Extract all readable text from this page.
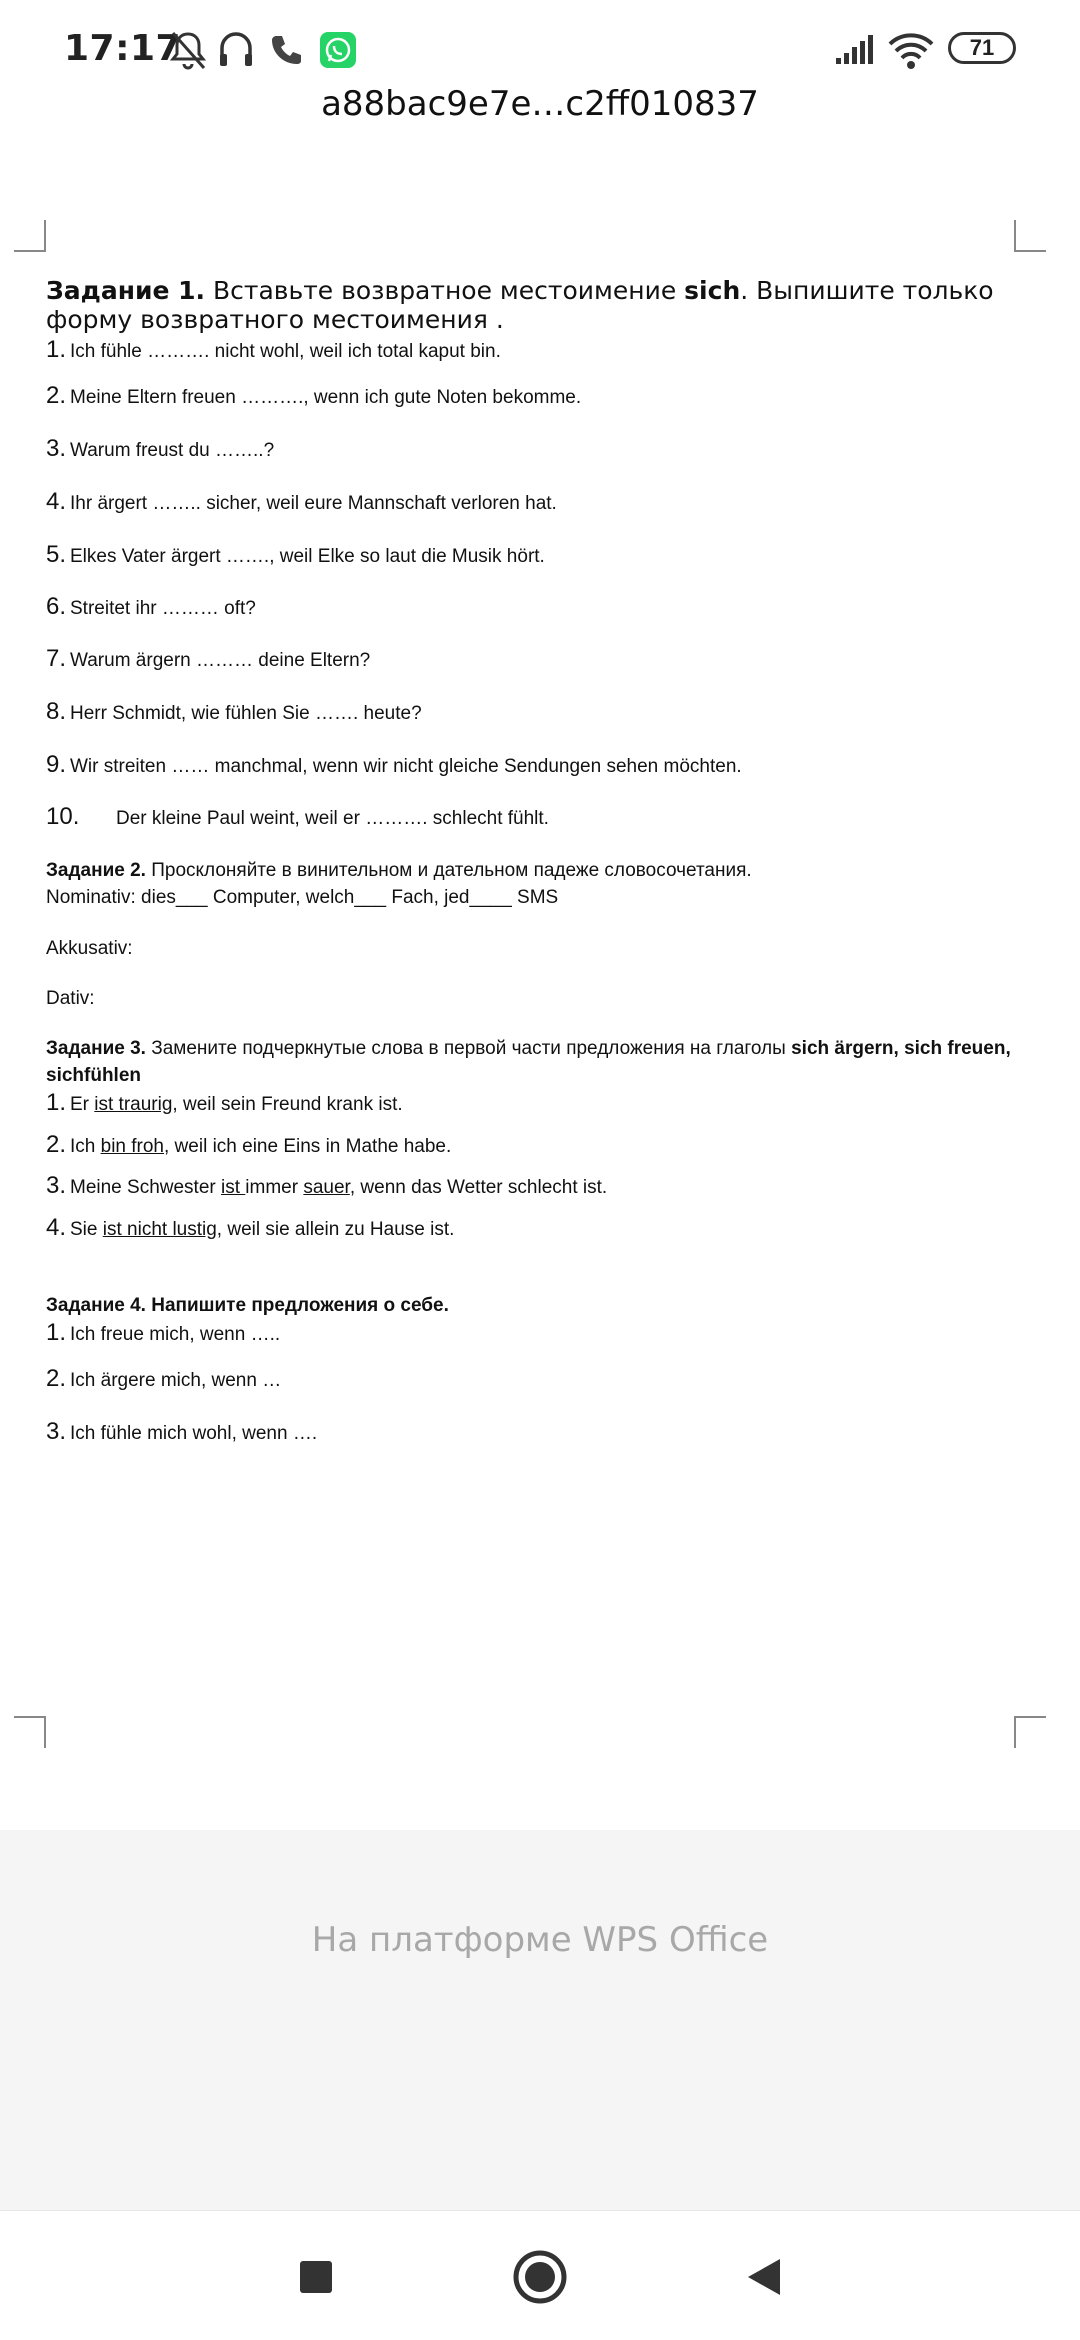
17:17	71
a88bac9e7e…c2ff010837
Задание 1. Вставьте возвратное местоимение sich. Выпишите только форму возвратного местоимения .
1. Ich fühle ………. nicht wohl, weil ich total kaput bin.
2. Meine Eltern freuen ………., wenn ich gute Noten bekomme.
3. Warum freust du ……..?
4. Ihr ärgert …….. sicher, weil eure Mannschaft verloren hat.
5. Elkes Vater ärgert ……., weil Elke so laut die Musik hört.
6. Streitet ihr ……… oft?
7. Warum ärgern ……… deine Eltern?
8. Herr Schmidt, wie fühlen Sie ……. heute?
9. Wir streiten …… manchmal, wenn wir nicht gleiche Sendungen sehen möchten.
10.	Der kleine Paul weint, weil er ………. schlecht fühlt.
Задание 2. Просклоняйте в винительном и дательном падеже словосочетания.
Nominativ: dies___ Computer, welch___ Fach, jed____ SMS
Akkusativ:
Dativ:
Задание 3. Замените подчеркнутые слова в первой части предложения на глаголы sich ärgern, sich freuen, sichfühlen
1. Er ist traurig, weil sein Freund krank ist.
2. Ich bin froh, weil ich eine Eins in Mathe habe.
3. Meine Schwester ist immer sauer, wenn das Wetter schlecht ist.
4. Sie ist nicht lustig, weil sie allein zu Hause ist.
Задание 4. Напишите предложения о себе.
1. Ich freue mich, wenn …..
2. Ich ärgere mich, wenn …
3. Ich fühle mich wohl, wenn ….
На платформе WPS Office
